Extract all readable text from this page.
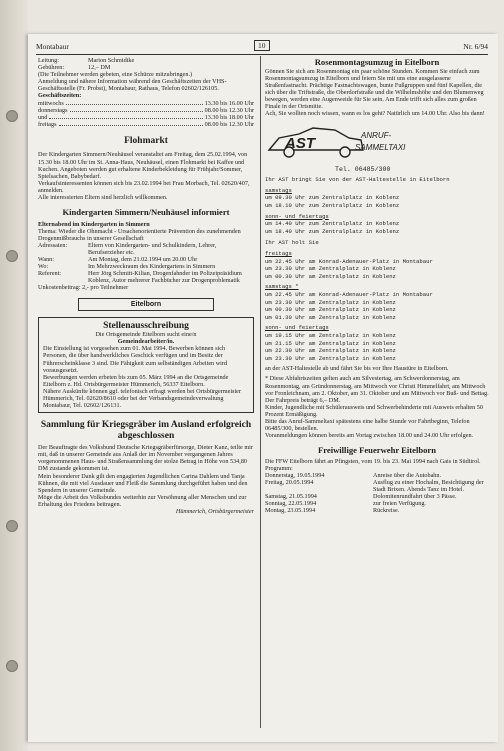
Montabaur	10	Nr. 6/94
Leitung:	Marion Schmidtke
Gebühren:	12,– DM
(Die Teilnehmer werden gebeten, eine Schürze mitzubringen.)
Anmeldung und nähere Information während den Geschäftszeiten der VHS-Geschäftsstelle (Fr. Probst), Montabaur, Rathaus, Telefon 02602/126105.
Geschäftszeiten:
mittwochs	13.30 bis 16.00 Uhr
donnerstags	08.00 bis 12.30 Uhr
und	13.30 bis 18.00 Uhr
freitags	08.00 bis 12.30 Uhr
Flohmarkt
Der Kindergarten Simmern/Neuhäusel veranstaltet am Freitag, dem 25.02.1994, von 15.30 bis 18.00 Uhr im St. Anna-Haus, Neuhäusel, einen Flohmarkt bei Kaffee und Kuchen. Angeboten werden gut erhaltene Kinderbekleidung für Frühjahr/Sommer, Spielsachen, Babybedarf.
Verkaufsinteressenten können sich bis 23.02.1994 bei Frau Morbach, Tel. 02620/407, anmelden.
Alle interessierten Eltern sind herzlich willkommen.
Kindergarten Simmern/Neuhäusel informiert
Elternabend im Kindergarten in Simmern
Thema: Wieder die Ohnmacht - Ursachenorientierte Prävention des zunehmenden Drogenmißbrauchs in unserer Gesellschaft
Adressaten:	Eltern von Kindergarten- und Schulkindern, Lehrer, Berufserzieher etc.
Wann:	Am Montag, dem 21.02.1994 um 20.00 Uhr
Wo:	Im Mehrzweckraum des Kindergartens in Simmern
Referent:	Herr Jörg Schmitt-Kilian, Drogenfahnder im Polizeipräsidium Koblenz, Autor mehrerer Fachbücher zur Drogenproblematik
Unkostenbeitrag: 2,- pro Teilnehmer
Eitelborn
Stellenausschreibung
Die Ortsgemeinde Eitelborn sucht eine/n
Gemeindearbeiter/in.
Die Einstellung ist vorgesehen zum 01. Mai 1994. Bewerben können sich Personen, die über handwerkliches Geschick verfügen und im Besitz der Führerscheinklasse 3 sind. Die Fähigkeit zum selbständigen Arbeiten wird vorausgesetzt.
Bewerbungen werden erbeten bis zum 05. März 1994 an die Ortsgemeinde Eitelborn z. Hd. Ortsbürgermeister Hümmerich, 56337 Eitelborn.
Nähere Auskünfte können ggf. telefonisch erfragt werden bei Ortsbürgermeister Hümmerich, Tel. 02620/8610 oder bei der Verbandsgemeindeverwaltung Montabaur, Tel. 02602/126131.
Sammlung für Kriegsgräber im Ausland erfolgreich abgeschlossen
Der Beauftragte des Volksbund Deutsche Kriegsgräberfürsorge, Dieter Kanz, teilte mir mit, daß in unserer Gemeinde aus Anlaß der im November vergangenen Jahres vorgenommenen Haus- und Straßensammlung der stolze Betrag in Höhe von 534,80 DM zustande gekommen ist.
Mein besonderer Dank gilt den engagierten Jugendlichen Carina Dahlem und Tanja Kühnen, die mit viel Ausdauer und Fleiß die Sammlung durchgeführt haben und den Spendern in unserer Gemeinde.
Möge die Arbeit des Volksbundes weiterhin zur Versöhnung aller Menschen und zur Erhaltung des Friedens beitragen.
Hümmerich, Ortsbürgermeister
Rosenmontagsumzug in Eitelborn
Gönnen Sie sich am Rosenmontag ein paar schöne Stunden. Kommen Sie einfach zum Rosenmontagsumzug in Eitelborn und feiern Sie mit uns eine ausgelassene Straßenfastnacht. Prächtige Fastnachtswagen, bunte Fußgruppen und fünf Kapellen, die sich über die Triftstraße, die Oberdorfstraße und die Wilhelmshöhe und den Blumenweg bewegen, werden eine Augenweide für Sie sein. Am Ende trifft sich alles zum großen Finale in der Ortsmitte.
Ach, Sie wollten noch wissen, wann es los geht? Natürlich um 14.00 Uhr. Also bis dann!
AST	ANRUF-
SAMMELTAXI
Tel. 06485/300
Ihr AST bringt Sie von der AST-Haltestelle in Eitelborn
samstags
um 09.30 Uhr zum Zentralplatz in Koblenz
um 18.10 Uhr zum Zentralplatz in Koblenz
sonn- und feiertags
um 14.40 Uhr zum Zentralplatz in Koblenz
um 18.40 Uhr zum Zentralplatz in Koblenz
Ihr AST holt Sie
freitags
um 22.45 Uhr am Konrad-Adenauer-Platz in Montabaur
um 23.30 Uhr am Zentralplatz in Koblenz
um 00.30 Uhr am Zentralplatz in Koblenz
samstags *
um 22.45 Uhr am Konrad-Adenauer-Platz in Montabaur
um 23.30 Uhr am Zentralplatz in Koblenz
um 00.30 Uhr am Zentralplatz in Koblenz
um 01.30 Uhr am Zentralplatz in Koblenz
sonn- und feiertags
um 19.15 Uhr am Zentralplatz in Koblenz
um 21.15 Uhr am Zentralplatz in Koblenz
um 22.30 Uhr am Zentralplatz in Koblenz
um 23.30 Uhr am Zentralplatz in Koblenz
an der AST-Haltestelle ab und fährt Sie bis vor Ihre Haustüre in Eitelborn.
* Diese Abfahrtszeiten gelten auch am Silvestertag, am Schwerdonnerstag, am Rosenmontag, am Gründonnerstag, am Mittwoch vor Christi Himmelfahrt, am Mittwoch vor Fronleichnam, am 2. Oktober, am 31. Oktober und am Mittwoch vor Buß- und Bettag.
Der Fahrpreis beträgt 6,– DM.
Kinder, Jugendliche mit Schülerausweis und Schwerbehinderte mit Ausweis erhalten 50 Prozent Ermäßigung.
Bitte das Anruf-Sammeltaxi spätestens eine halbe Stunde vor Fahrtbeginn, Telefon 06485/300, bestellen.
Voranmeldungen können bereits am Vortag zwischen 18.00 und 24.00 Uhr erfolgen.
Freiwillige Feuerwehr Eitelborn
Die FFW Eitelborn fährt an Pfingsten, vom 19. bis 23. Mai 1994 nach Gais in Südtirol.
Programm:
Donnerstag, 19.05.1994	Anreise über die Autobahn.
Freitag, 20.05.1994	Ausflug zu einer Hochalm, Besichtigung der Stadt Brixen. Abends Tanz im Hotel.
Samstag, 21.05.1994	Dolomitenrundfahrt über 3 Pässe.
Sonntag, 22.05.1994	zur freien Verfügung.
Montag, 23.05.1994	Rückreise.
